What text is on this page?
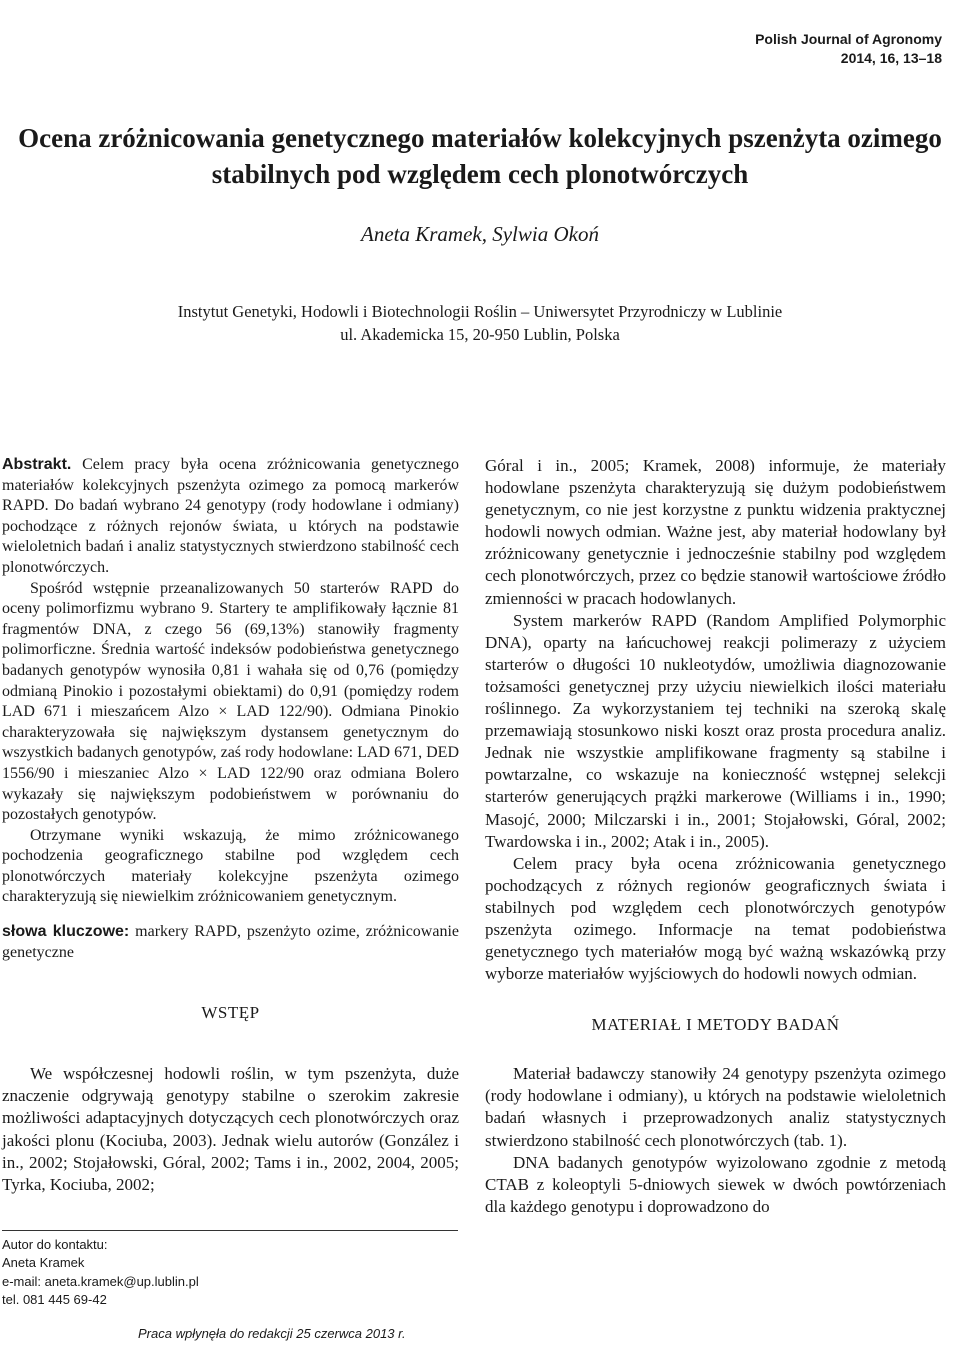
Polish Journal of Agronomy
2014, 16, 13–18
Ocena zróżnicowania genetycznego materiałów kolekcyjnych pszenżyta ozimego
stabilnych pod względem cech plonotwórczych
Aneta Kramek, Sylwia Okoń
Instytut Genetyki, Hodowli i Biotechnologii Roślin – Uniwersytet Przyrodniczy w Lublinie
ul. Akademicka 15, 20-950 Lublin, Polska

Abstrakt. Celem pracy była ocena zróżnicowania genetycznego materiałów kolekcyjnych pszenżyta ozimego za pomocą markerów RAPD. Do badań wybrano 24 genotypy (rody hodowlane i odmiany) pochodzące z różnych rejonów świata, u których na podstawie wieloletnich badań i analiz statystycznych stwierdzono stabilność cech plonotwórczych.

Spośród wstępnie przeanalizowanych 50 starterów RAPD do oceny polimorfizmu wybrano 9. Startery te amplifikowały łącznie 81 fragmentów DNA, z czego 56 (69,13%) stanowiły fragmenty polimorficzne. Średnia wartość indeksów podobieństwa genetycznego badanych genotypów wynosiła 0,81 i wahała się od 0,76 (pomiędzy odmianą Pinokio i pozostałymi obiektami) do 0,91 (pomiędzy rodem LAD 671 i mieszańcem Alzo × LAD 122/90). Odmiana Pinokio charakteryzowała się największym dystansem genetycznym do wszystkich badanych genotypów, zaś rody hodowlane: LAD 671, DED 1556/90 i mieszaniec Alzo × LAD 122/90 oraz odmiana Bolero wykazały się największym podobieństwem w porównaniu do pozostałych genotypów.

Otrzymane wyniki wskazują, że mimo zróżnicowanego pochodzenia geograficznego stabilne pod względem cech plonotwórczych materiały kolekcyjne pszenżyta ozimego charakteryzują się niewielkim zróżnicowaniem genetycznym.

słowa kluczowe: markery RAPD, pszenżyto ozime, zróżnicowanie genetyczne

WSTĘP

We współczesnej hodowli roślin, w tym pszenżyta, duże znaczenie odgrywają genotypy stabilne o szerokim zakresie możliwości adaptacyjnych dotyczących cech plonotwórczych oraz jakości plonu (Kociuba, 2003). Jednak wielu autorów (González i in., 2002; Stojałowski, Góral, 2002; Tams i in., 2002, 2004, 2005; Tyrka, Kociuba, 2002;

Autor do kontaktu:
Aneta Kramek
e-mail: aneta.kramek@up.lublin.pl
tel. 081 445 69-42
Praca wpłynęła do redakcji 25 czerwca 2013 r.

Góral i in., 2005; Kramek, 2008) informuje, że materiały hodowlane pszenżyta charakteryzują się dużym podobieństwem genetycznym, co nie jest korzystne z punktu widzenia praktycznej hodowli nowych odmian. Ważne jest, aby materiał hodowlany był zróżnicowany genetycznie i jednocześnie stabilny pod względem cech plonotwórczych, przez co będzie stanowił wartościowe źródło zmienności w pracach hodowlanych.

System markerów RAPD (Random Amplified Polymorphic DNA), oparty na łańcuchowej reakcji polimerazy z użyciem starterów o długości 10 nukleotydów, umożliwia diagnozowanie tożsamości genetycznej przy użyciu niewielkich ilości materiału roślinnego. Za wykorzystaniem tej techniki na szeroką skalę przemawiają stosunkowo niski koszt oraz prosta procedura analiz. Jednak nie wszystkie amplifikowane fragmenty są stabilne i powtarzalne, co wskazuje na konieczność wstępnej selekcji starterów generujących prążki markerowe (Williams i in., 1990; Masojć, 2000; Milczarski i in., 2001; Stojałowski, Góral, 2002; Twardowska i in., 2002; Atak i in., 2005).

Celem pracy była ocena zróżnicowania genetycznego pochodzących z różnych regionów geograficznych świata i stabilnych pod względem cech plonotwórczych genotypów pszenżyta ozimego. Informacje na temat podobieństwa genetycznego tych materiałów mogą być ważną wskazówką przy wyborze materiałów wyjściowych do hodowli nowych odmian.

MATERIAŁ I METODY BADAŃ

Materiał badawczy stanowiły 24 genotypy pszenżyta ozimego (rody hodowlane i odmiany), u których na podstawie wieloletnich badań własnych i przeprowadzonych analiz statystycznych stwierdzono stabilność cech plonotwórczych (tab. 1).

DNA badanych genotypów wyizolowano zgodnie z metodą CTAB z koleoptyli 5-dniowych siewek w dwóch powtórzeniach dla każdego genotypu i doprowadzono do
